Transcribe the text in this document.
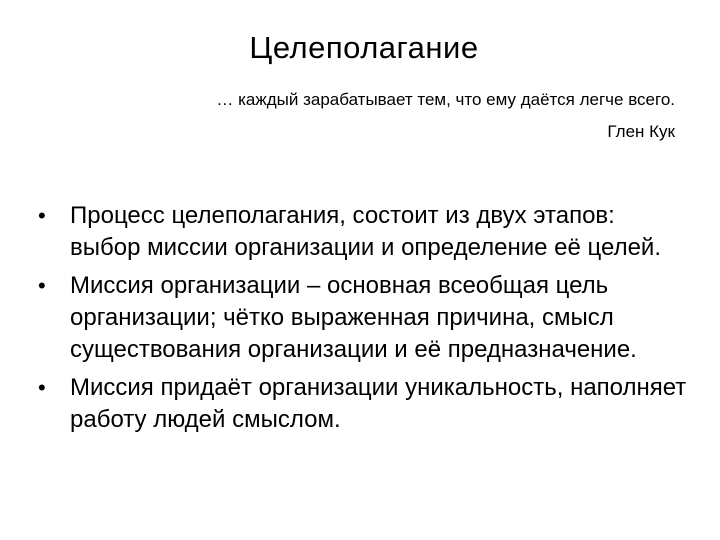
Целеполагание
… каждый зарабатывает тем, что ему даётся легче всего.
Глен Кук
• Процесс целеполагания, состоит из двух этапов: выбор миссии организации и определение её целей.
• Миссия организации – основная всеобщая цель организации; чётко выраженная причина, смысл существования организации и её предназначение.
• Миссия придаёт организации уникальность, наполняет работу людей смыслом.
